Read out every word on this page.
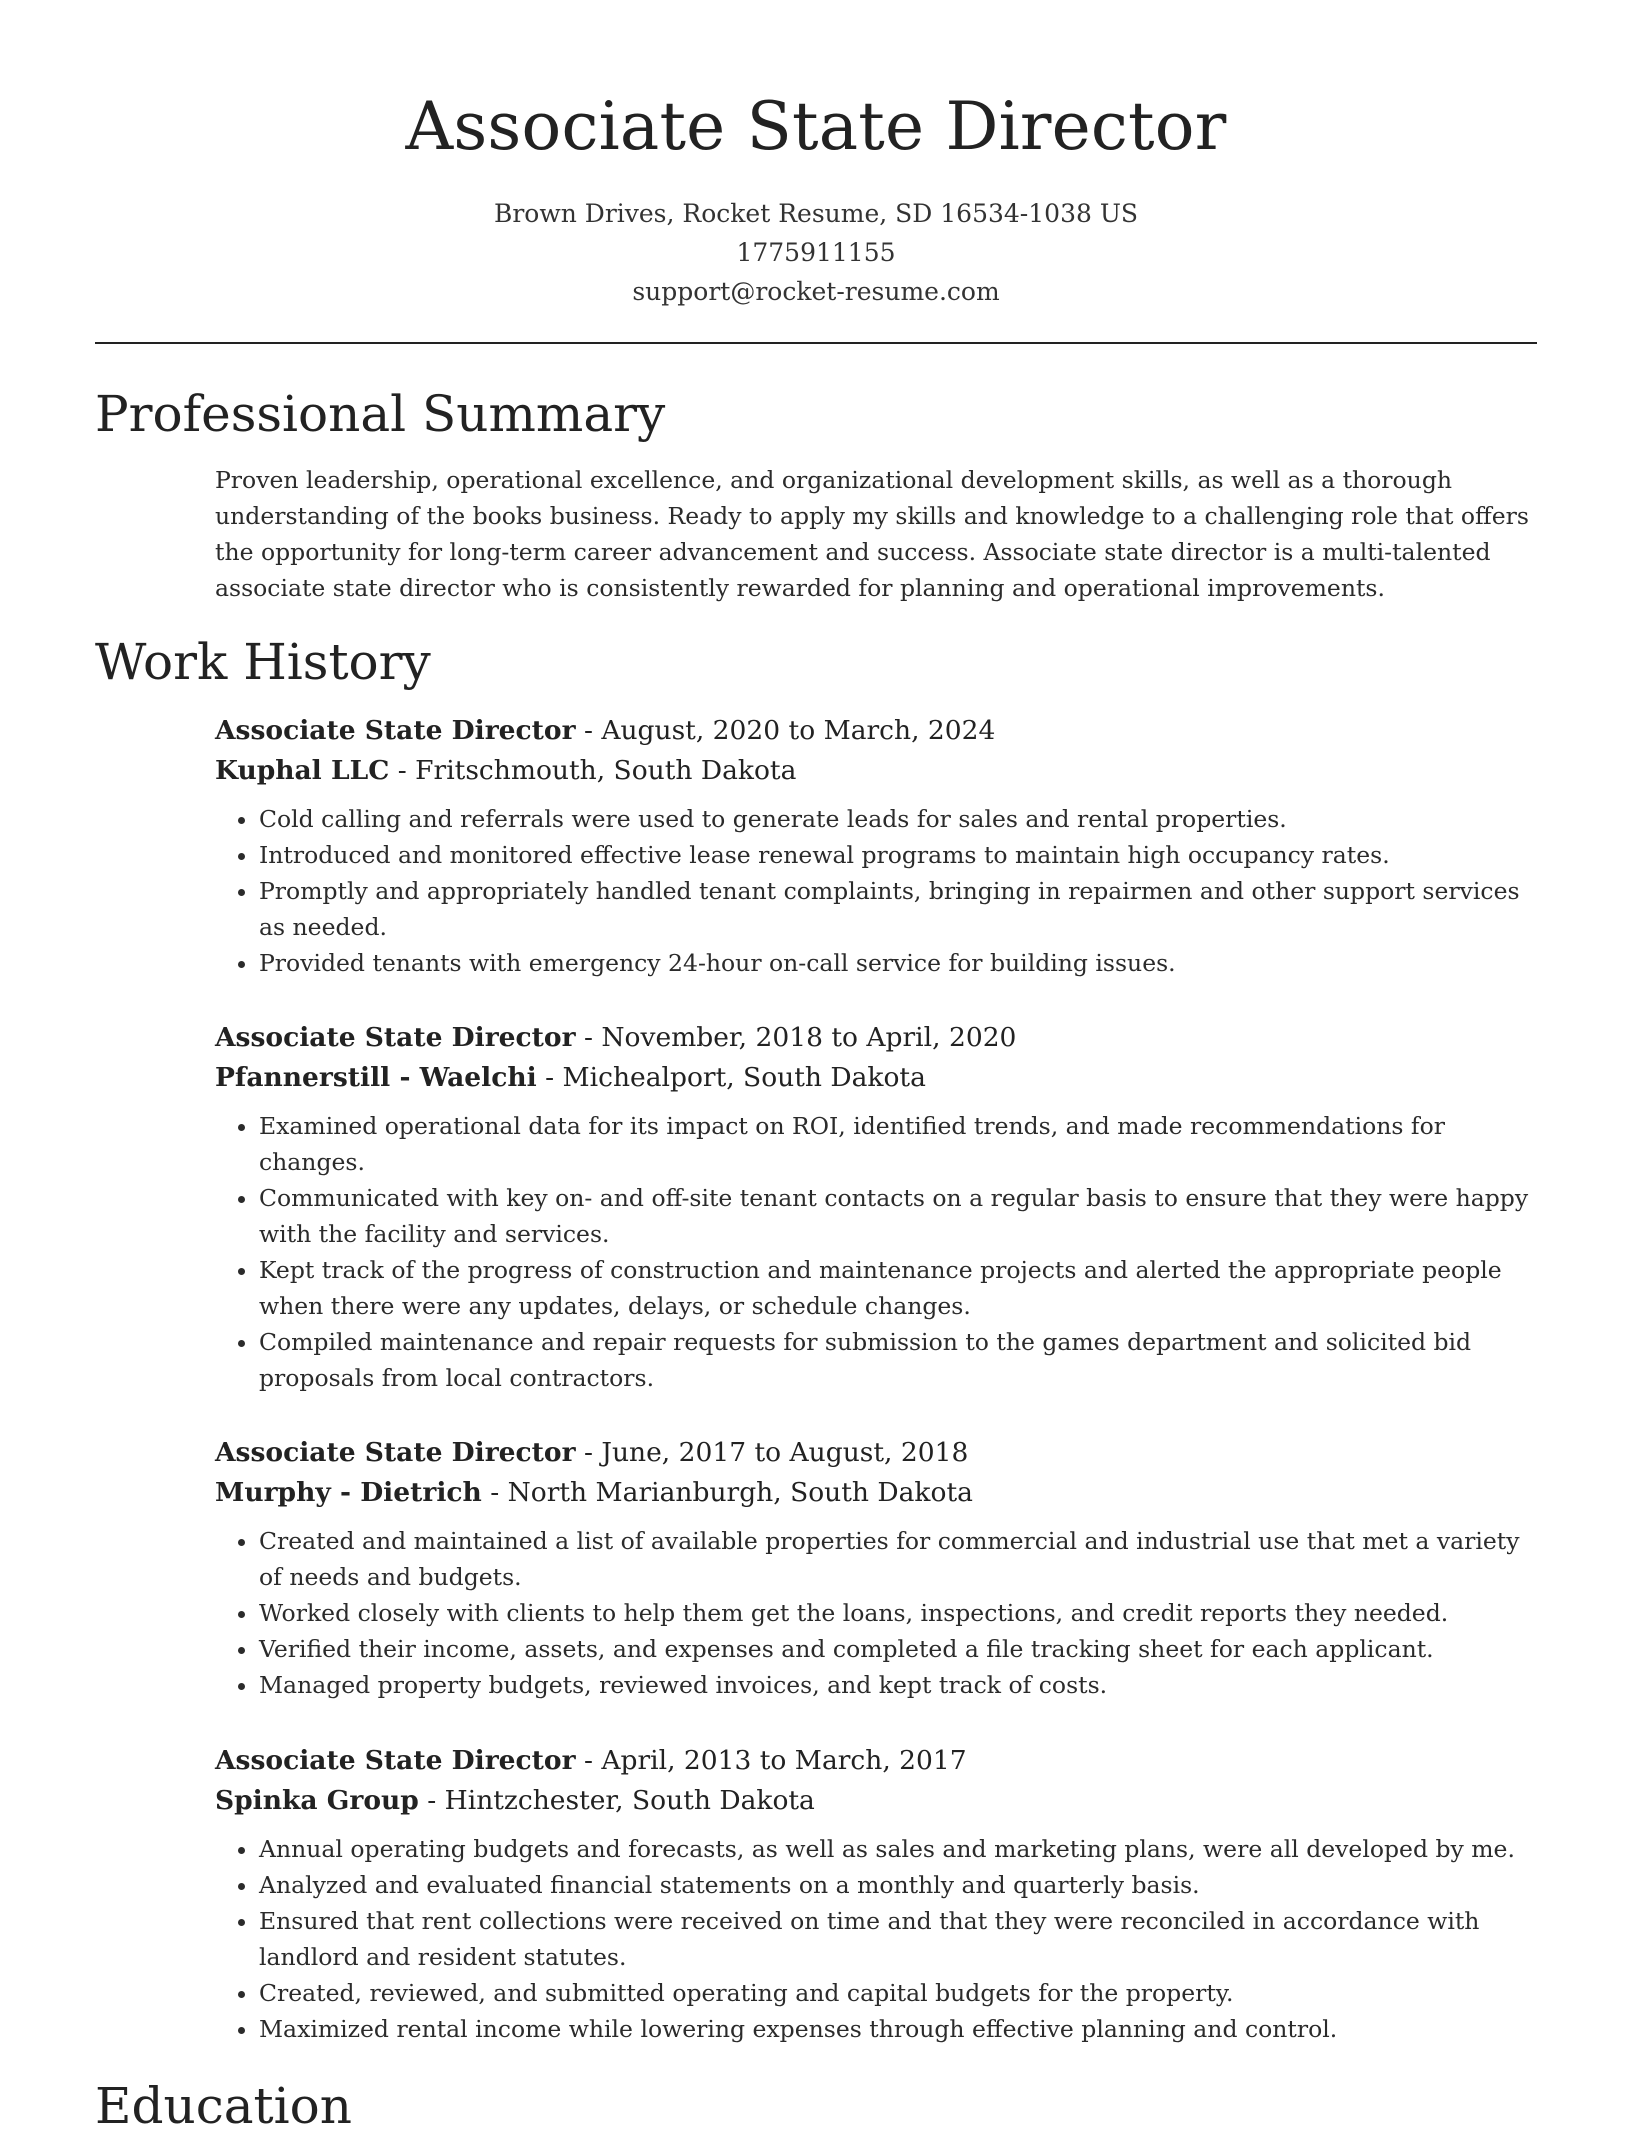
Associate State Director
Brown Drives, Rocket Resume, SD 16534-1038 US
1775911155
support@rocket-resume.com
Professional Summary

Proven leadership, operational excellence, and organizational development skills, as well as a thorough understanding of the books business. Ready to apply my skills and knowledge to a challenging role that offers the opportunity for long-term career advancement and success. Associate state director is a multi-talented associate state director who is consistently rewarded for planning and operational improvements.

Work History
Associate State Director - August, 2020 to March, 2024
Kuphal LLC - Fritschmouth, South Dakota
• Cold calling and referrals were used to generate leads for sales and rental properties.
• Introduced and monitored effective lease renewal programs to maintain high occupancy rates.
• Promptly and appropriately handled tenant complaints, bringing in repairmen and other support services as needed.
• Provided tenants with emergency 24-hour on-call service for building issues.
Associate State Director - November, 2018 to April, 2020
Pfannerstill - Waelchi - Michealport, South Dakota
• Examined operational data for its impact on ROI, identified trends, and made recommendations for changes.
• Communicated with key on- and off-site tenant contacts on a regular basis to ensure that they were happy with the facility and services.
• Kept track of the progress of construction and maintenance projects and alerted the appropriate people when there were any updates, delays, or schedule changes.
• Compiled maintenance and repair requests for submission to the games department and solicited bid proposals from local contractors.
Associate State Director - June, 2017 to August, 2018
Murphy - Dietrich - North Marianburgh, South Dakota
• Created and maintained a list of available properties for commercial and industrial use that met a variety of needs and budgets.
• Worked closely with clients to help them get the loans, inspections, and credit reports they needed.
• Verified their income, assets, and expenses and completed a file tracking sheet for each applicant.
• Managed property budgets, reviewed invoices, and kept track of costs.
Associate State Director - April, 2013 to March, 2017
Spinka Group - Hintzchester, South Dakota
• Annual operating budgets and forecasts, as well as sales and marketing plans, were all developed by me.
• Analyzed and evaluated financial statements on a monthly and quarterly basis.
• Ensured that rent collections were received on time and that they were reconciled in accordance with landlord and resident statutes.
• Created, reviewed, and submitted operating and capital budgets for the property.
• Maximized rental income while lowering expenses through effective planning and control.
Education
